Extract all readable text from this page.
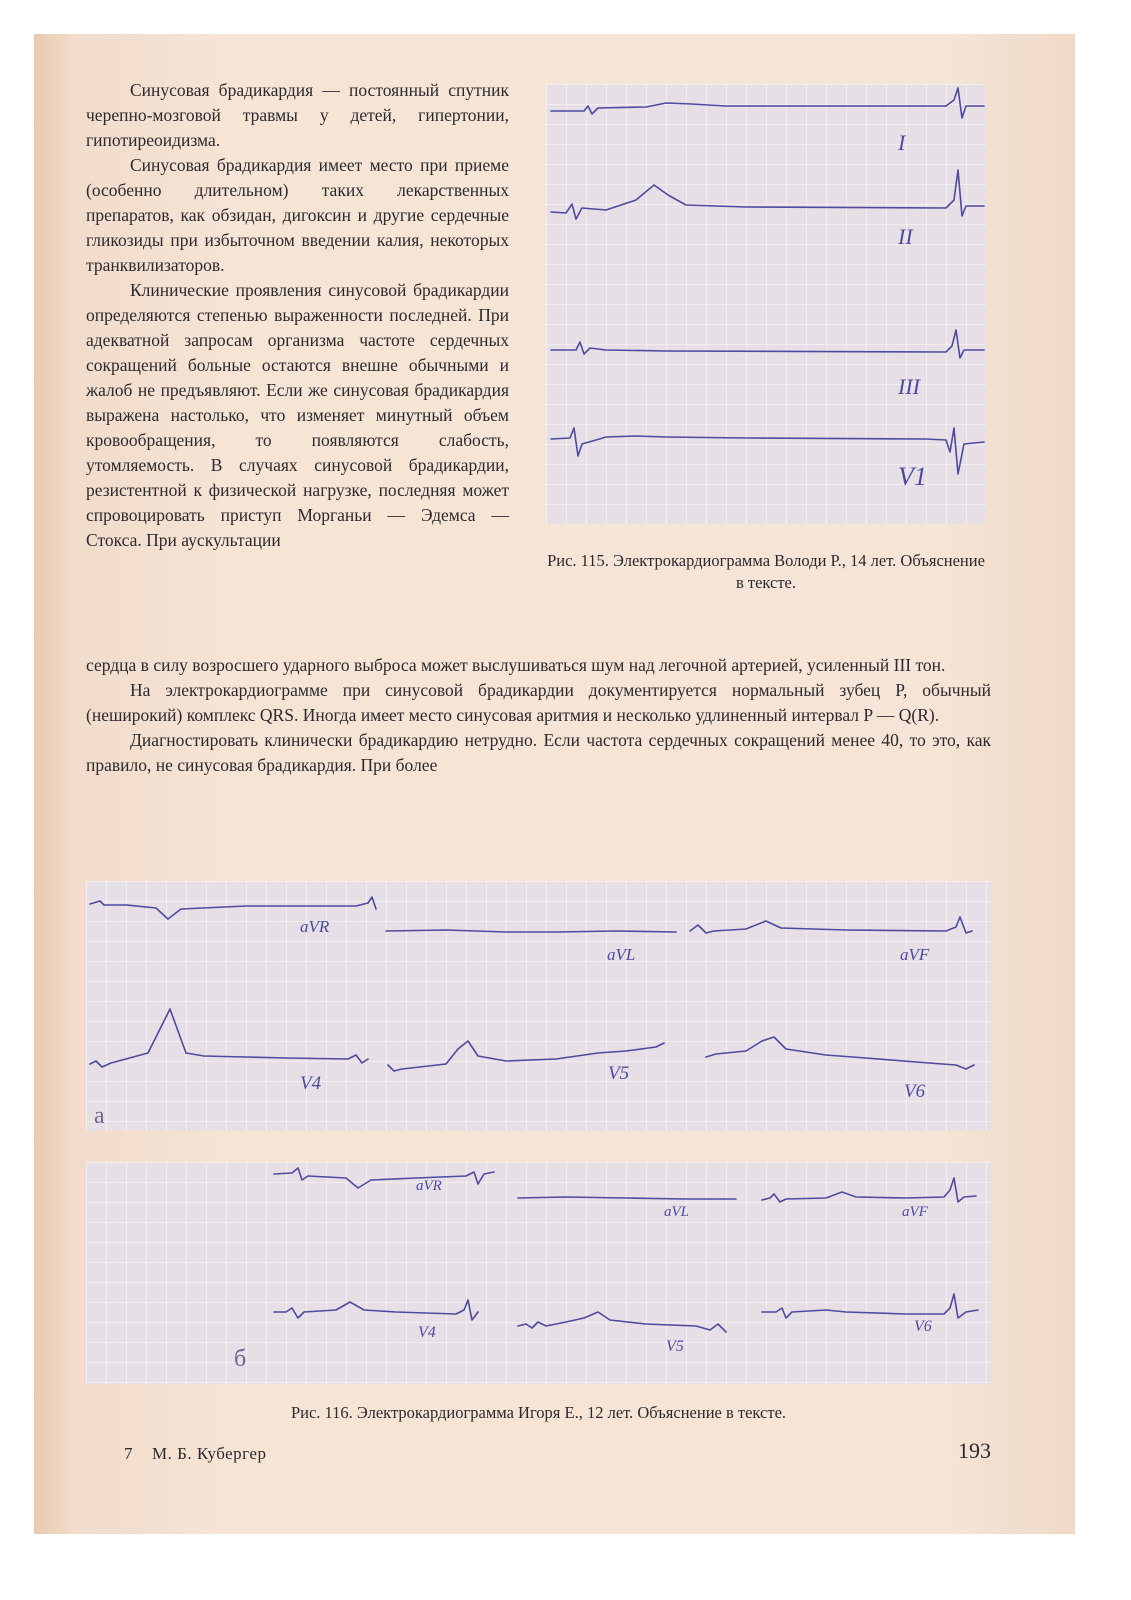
Синусовая брадикардия — постоянный спутник черепно-мозговой травмы у детей, гипертонии, гипотиреоидизма.

Синусовая брадикардия имеет место при приеме (особенно длительном) таких лекарственных препаратов, как обзидан, дигоксин и другие сердечные гликозиды при избыточном введении калия, некоторых транквилизаторов.

Клинические проявления синусовой брадикардии определяются степенью выраженности последней. При адекватной запросам организма частоте сердечных сокращений больные остаются внешне обычными и жалоб не предъявляют. Если же синусовая брадикардия выражена настолько, что изменяет минутный объем кровообращения, то появляются слабость, утомляемость. В случаях синусовой брадикардии, резистентной к физической нагрузке, последняя может спровоцировать приступ Морганьи — Эдемса — Стокса. При аускультации

сердца в силу возросшего ударного выброса может выслушиваться шум над легочной артерией, усиленный III тон.

На электрокардиограмме при синусовой брадикардии документируется нормальный зубец P, обычный (неширокий) комплекс QRS. Иногда имеет место синусовая аритмия и несколько удлиненный интервал P — Q(R).

Диагностировать клинически брадикардию нетрудно. Если частота сердечных сокращений менее 40, то это, как правило, не синусовая брадикардия. При более

I
II
III
V1
Рис. 115. Электрокардиограмма Володи Р., 14 лет. Объяснение в тексте.
aVR
aVL	aVF
V4	V5
V6
а
aVR
aVL	aVF
V4
V5
V6
б
Рис. 116. Электрокардиограмма Игоря Е., 12 лет. Объяснение в тексте.
7 М. Б. Кубергер	193
